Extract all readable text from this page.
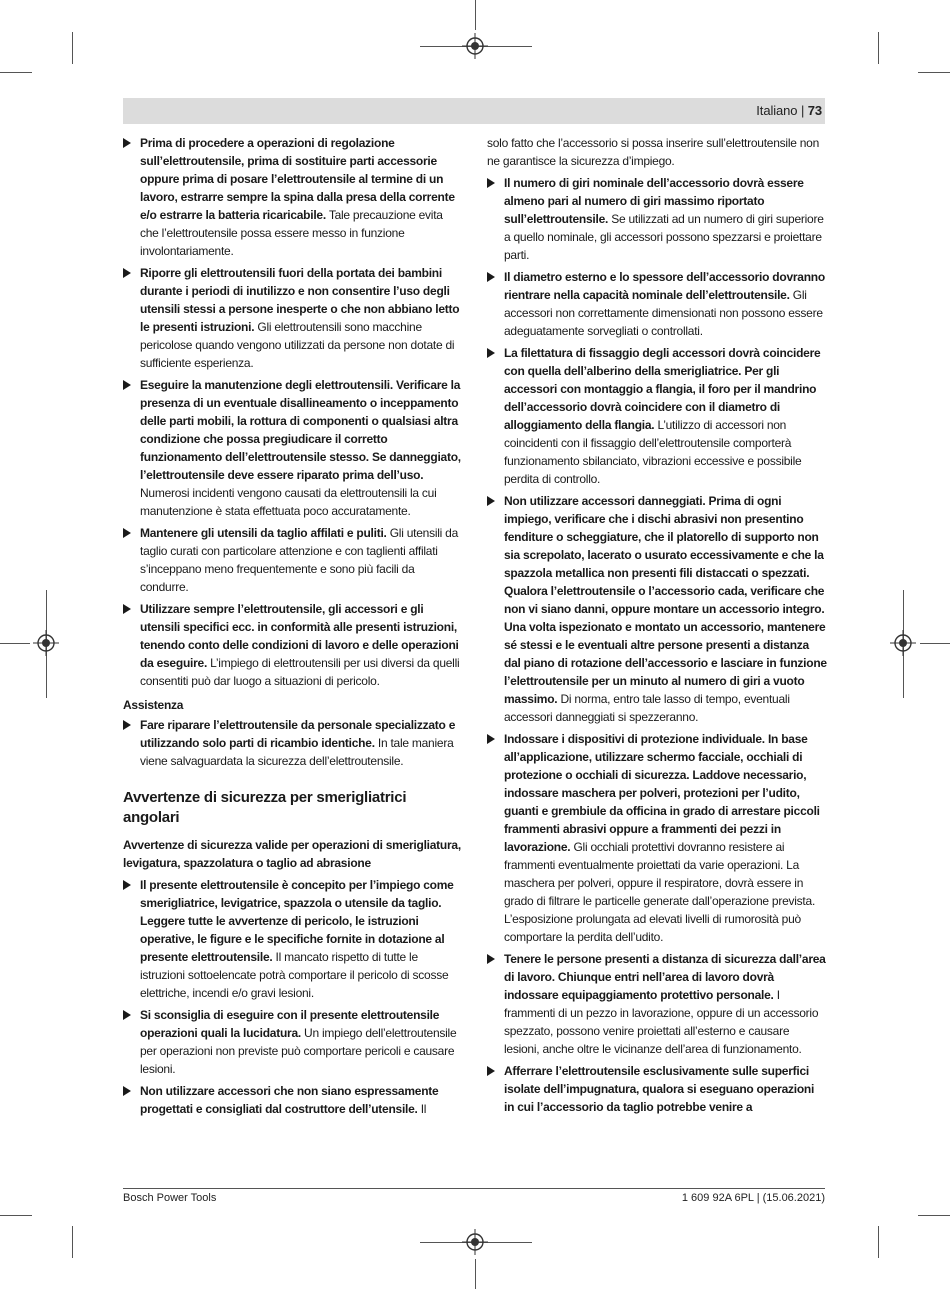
Italiano | 73
Prima di procedere a operazioni di regolazione sull’elettroutensile, prima di sostituire parti accessorie oppure prima di posare l’elettroutensile al termine di un lavoro, estrarre sempre la spina dalla presa della corrente e/o estrarre la batteria ricaricabile. Tale precauzione evita che l’elettroutensile possa essere messo in funzione involontariamente.
Riporre gli elettroutensili fuori della portata dei bambini durante i periodi di inutilizzo e non consentire l’uso degli utensili stessi a persone inesperte o che non abbiano letto le presenti istruzioni. Gli elettroutensili sono macchine pericolose quando vengono utilizzati da persone non dotate di sufficiente esperienza.
Eseguire la manutenzione degli elettroutensili. Verificare la presenza di un eventuale disallineamento o inceppamento delle parti mobili, la rottura di componenti o qualsiasi altra condizione che possa pregiudicare il corretto funzionamento dell’elettroutensile stesso. Se danneggiato, l’elettroutensile deve essere riparato prima dell’uso. Numerosi incidenti vengono causati da elettroutensili la cui manutenzione è stata effettuata poco accuratamente.
Mantenere gli utensili da taglio affilati e puliti. Gli utensili da taglio curati con particolare attenzione e con taglienti affilati s’inceppano meno frequentemente e sono più facili da condurre.
Utilizzare sempre l’elettroutensile, gli accessori e gli utensili specifici ecc. in conformità alle presenti istruzioni, tenendo conto delle condizioni di lavoro e delle operazioni da eseguire. L’impiego di elettroutensili per usi diversi da quelli consentiti può dar luogo a situazioni di pericolo.
Assistenza
Fare riparare l’elettroutensile da personale specializzato e utilizzando solo parti di ricambio identiche. In tale maniera viene salvaguardata la sicurezza dell’elettroutensile.
Avvertenze di sicurezza per smerigliatrici angolari
Avvertenze di sicurezza valide per operazioni di smerigliatura, levigatura, spazzolatura o taglio ad abrasione
Il presente elettroutensile è concepito per l’impiego come smerigliatrice, levigatrice, spazzola o utensile da taglio. Leggere tutte le avvertenze di pericolo, le istruzioni operative, le figure e le specifiche fornite in dotazione al presente elettroutensile. Il mancato rispetto di tutte le istruzioni sottoelencate potrà comportare il pericolo di scosse elettriche, incendi e/o gravi lesioni.
Si sconsiglia di eseguire con il presente elettroutensile operazioni quali la lucidatura. Un impiego dell’elettroutensile per operazioni non previste può comportare pericoli e causare lesioni.
Non utilizzare accessori che non siano espressamente progettati e consigliati dal costruttore dell’utensile. Il
solo fatto che l’accessorio si possa inserire sull’elettroutensile non ne garantisce la sicurezza d’impiego.
Il numero di giri nominale dell’accessorio dovrà essere almeno pari al numero di giri massimo riportato sull’elettroutensile. Se utilizzati ad un numero di giri superiore a quello nominale, gli accessori possono spezzarsi e proiettare parti.
Il diametro esterno e lo spessore dell’accessorio dovranno rientrare nella capacità nominale dell’elettroutensile. Gli accessori non correttamente dimensionati non possono essere adeguatamente sorvegliati o controllati.
La filettatura di fissaggio degli accessori dovrà coincidere con quella dell’alberino della smerigliatrice. Per gli accessori con montaggio a flangia, il foro per il mandrino dell’accessorio dovrà coincidere con il diametro di alloggiamento della flangia. L’utilizzo di accessori non coincidenti con il fissaggio dell’elettroutensile comporterà funzionamento sbilanciato, vibrazioni eccessive e possibile perdita di controllo.
Non utilizzare accessori danneggiati. Prima di ogni impiego, verificare che i dischi abrasivi non presentino fenditure o scheggiature, che il platorello di supporto non sia screpolato, lacerato o usurato eccessivamente e che la spazzola metallica non presenti fili distaccati o spezzati. Qualora l’elettroutensile o l’accessorio cada, verificare che non vi siano danni, oppure montare un accessorio integro. Una volta ispezionato e montato un accessorio, mantenere sé stessi e le eventuali altre persone presenti a distanza dal piano di rotazione dell’accessorio e lasciare in funzione l’elettroutensile per un minuto al numero di giri a vuoto massimo. Di norma, entro tale lasso di tempo, eventuali accessori danneggiati si spezzeranno.
Indossare i dispositivi di protezione individuale. In base all’applicazione, utilizzare schermo facciale, occhiali di protezione o occhiali di sicurezza. Laddove necessario, indossare maschera per polveri, protezioni per l’udito, guanti e grembiule da officina in grado di arrestare piccoli frammenti abrasivi oppure a frammenti dei pezzi in lavorazione. Gli occhiali protettivi dovranno resistere ai frammenti eventualmente proiettati da varie operazioni. La maschera per polveri, oppure il respiratore, dovrà essere in grado di filtrare le particelle generate dall’operazione prevista. L’esposizione prolungata ad elevati livelli di rumorosità può comportare la perdita dell’udito.
Tenere le persone presenti a distanza di sicurezza dall’area di lavoro. Chiunque entri nell’area di lavoro dovrà indossare equipaggiamento protettivo personale. I frammenti di un pezzo in lavorazione, oppure di un accessorio spezzato, possono venire proiettati all’esterno e causare lesioni, anche oltre le vicinanze dell’area di funzionamento.
Afferrare l’elettroutensile esclusivamente sulle superfici isolate dell’impugnatura, qualora si eseguano operazioni in cui l’accessorio da taglio potrebbe venire a
Bosch Power Tools	1 609 92A 6PL | (15.06.2021)
